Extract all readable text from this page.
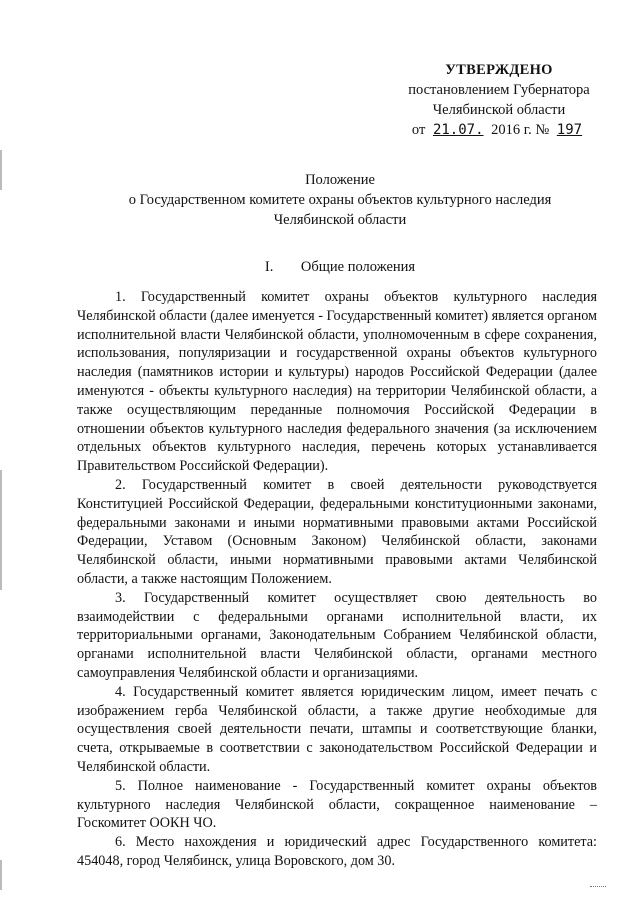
УТВЕРЖДЕНО
постановлением Губернатора
Челябинской области
от 21.07. 2016 г. № 197
Положение
о Государственном комитете охраны объектов культурного наследия
Челябинской области
I. Общие положения

1. Государственный комитет охраны объектов культурного наследия Челябинской области (далее именуется - Государственный комитет) является органом исполнительной власти Челябинской области, уполномоченным в сфере сохранения, использования, популяризации и государственной охраны объектов культурного наследия (памятников истории и культуры) народов Российской Федерации (далее именуются - объекты культурного наследия) на территории Челябинской области, а также осуществляющим переданные полномочия Российской Федерации в отношении объектов культурного наследия федерального значения (за исключением отдельных объектов культурного наследия, перечень которых устанавливается Правительством Российской Федерации).

2. Государственный комитет в своей деятельности руководствуется Конституцией Российской Федерации, федеральными конституционными законами, федеральными законами и иными нормативными правовыми актами Российской Федерации, Уставом (Основным Законом) Челябинской области, законами Челябинской области, иными нормативными правовыми актами Челябинской области, а также настоящим Положением.

3. Государственный комитет осуществляет свою деятельность во взаимодействии с федеральными органами исполнительной власти, их территориальными органами, Законодательным Собранием Челябинской области, органами исполнительной власти Челябинской области, органами местного самоуправления Челябинской области и организациями.

4. Государственный комитет является юридическим лицом, имеет печать с изображением герба Челябинской области, а также другие необходимые для осуществления своей деятельности печати, штампы и соответствующие бланки, счета, открываемые в соответствии с законодательством Российской Федерации и Челябинской области.

5. Полное наименование - Государственный комитет охраны объектов культурного наследия Челябинской области, сокращенное наименование – Госкомитет ООКН ЧО.

6. Место нахождения и юридический адрес Государственного комитета: 454048, город Челябинск, улица Воровского, дом 30.
